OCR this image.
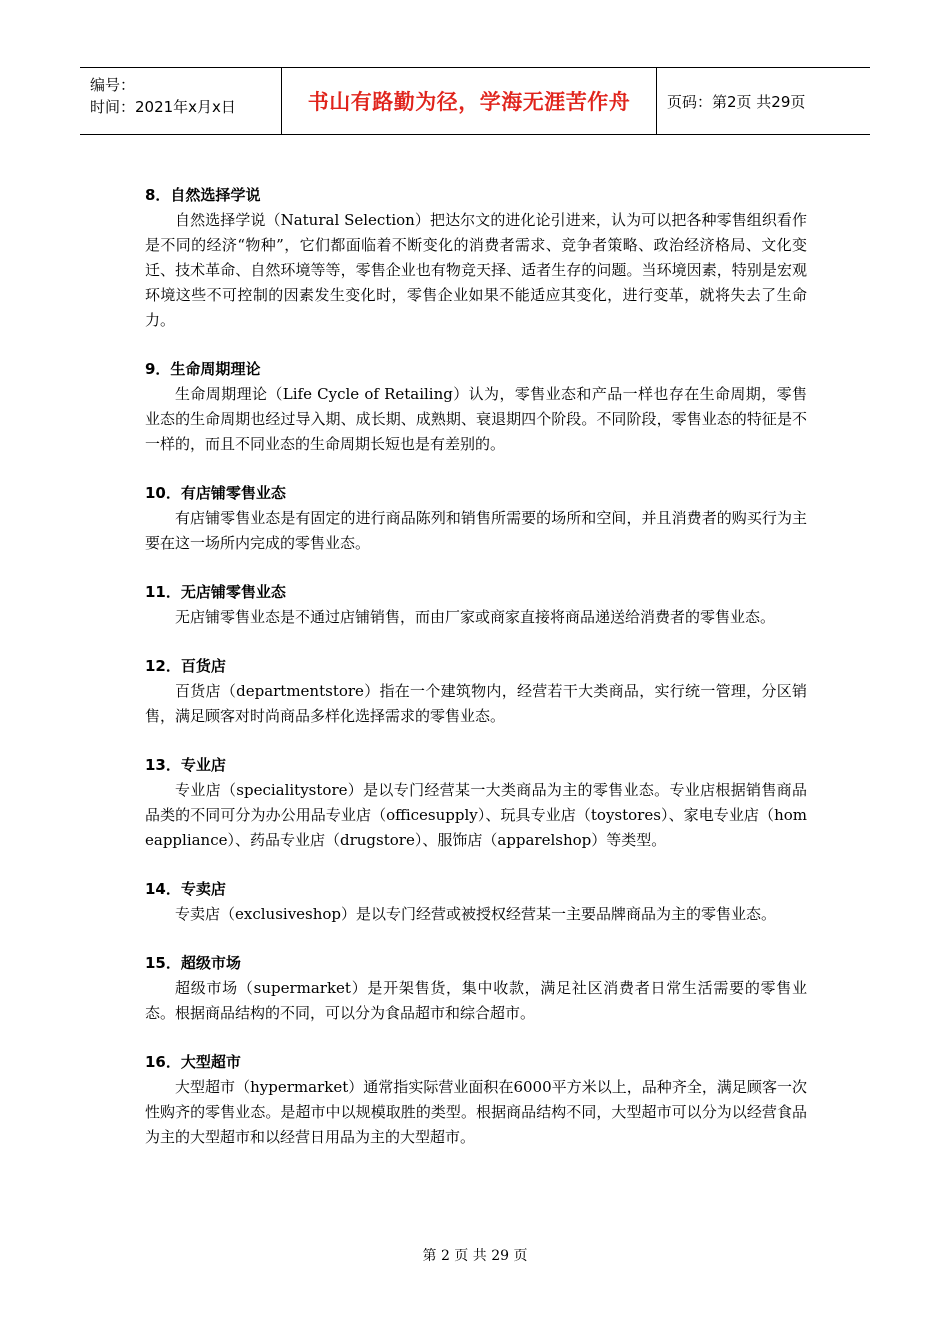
编号：
时间：2021年x月x日	书山有路勤为径，学海无涯苦作舟	页码：第2页 共29页
8．自然选择学说

自然选择学说（Natural Selection）把达尔文的进化论引进来，认为可以把各种零售组织看作是不同的经济“物种”，它们都面临着不断变化的消费者需求、竞争者策略、政治经济格局、文化变迁、技术革命、自然环境等等，零售企业也有物竞天择、适者生存的问题。当环境因素，特别是宏观环境这些不可控制的因素发生变化时，零售企业如果不能适应其变化，进行变革，就将失去了生命力。

9．生命周期理论

生命周期理论（Life Cycle of Retailing）认为，零售业态和产品一样也存在生命周期，零售业态的生命周期也经过导入期、成长期、成熟期、衰退期四个阶段。不同阶段，零售业态的特征是不一样的，而且不同业态的生命周期长短也是有差别的。

10．有店铺零售业态

有店铺零售业态是有固定的进行商品陈列和销售所需要的场所和空间，并且消费者的购买行为主要在这一场所内完成的零售业态。

11．无店铺零售业态

无店铺零售业态是不通过店铺销售，而由厂家或商家直接将商品递送给消费者的零售业态。

12．百货店

百货店（departmentstore）指在一个建筑物内，经营若干大类商品，实行统一管理，分区销售，满足顾客对时尚商品多样化选择需求的零售业态。

13．专业店

专业店（specialitystore）是以专门经营某一大类商品为主的零售业态。专业店根据销售商品品类的不同可分为办公用品专业店（officesupply）、玩具专业店（toystores）、家电专业店（homeappliance）、药品专业店（drugstore）、服饰店（apparelshop）等类型。

14．专卖店

专卖店（exclusiveshop）是以专门经营或被授权经营某一主要品牌商品为主的零售业态。

15．超级市场

超级市场（supermarket）是开架售货，集中收款，满足社区消费者日常生活需要的零售业态。根据商品结构的不同，可以分为食品超市和综合超市。

16．大型超市

大型超市（hypermarket）通常指实际营业面积在6000平方米以上，品种齐全，满足顾客一次性购齐的零售业态。是超市中以规模取胜的类型。根据商品结构不同，大型超市可以分为以经营食品为主的大型超市和以经营日用品为主的大型超市。

第 2 页 共 29 页
